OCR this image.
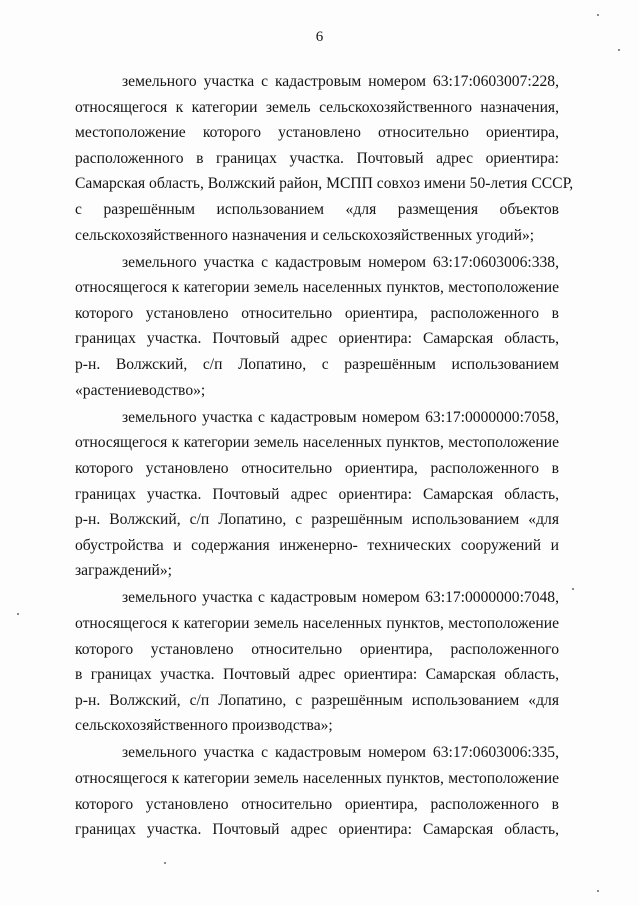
6
земельного участка с кадастровым номером 63:17:0603007:228,
относящегося к категории земель сельскохозяйственного назначения,
местоположение которого установлено относительно ориентира,
расположенного в границах участка. Почтовый адрес ориентира:
Самарская область, Волжский район, МСПП совхоз имени 50-летия СССР,
с разрешённым использованием «для размещения объектов
сельскохозяйственного назначения и сельскохозяйственных угодий»;
земельного участка с кадастровым номером 63:17:0603006:338,
относящегося к категории земель населенных пунктов, местоположение
которого установлено относительно ориентира, расположенного в
границах участка. Почтовый адрес ориентира: Самарская область,
р-н. Волжский, с/п Лопатино, с разрешённым использованием
«растениеводство»;
земельного участка с кадастровым номером 63:17:0000000:7058,
относящегося к категории земель населенных пунктов, местоположение
которого установлено относительно ориентира, расположенного в
границах участка. Почтовый адрес ориентира: Самарская область,
р-н. Волжский, с/п Лопатино, с разрешённым использованием «для
обустройства и содержания инженерно- технических сооружений и
заграждений»;
земельного участка с кадастровым номером 63:17:0000000:7048,
относящегося к категории земель населенных пунктов, местоположение
которого установлено относительно ориентира, расположенного
в границах участка. Почтовый адрес ориентира: Самарская область,
р-н. Волжский, с/п Лопатино, с разрешённым использованием «для
сельскохозяйственного производства»;
земельного участка с кадастровым номером 63:17:0603006:335,
относящегося к категории земель населенных пунктов, местоположение
которого установлено относительно ориентира, расположенного в
границах участка. Почтовый адрес ориентира: Самарская область,
